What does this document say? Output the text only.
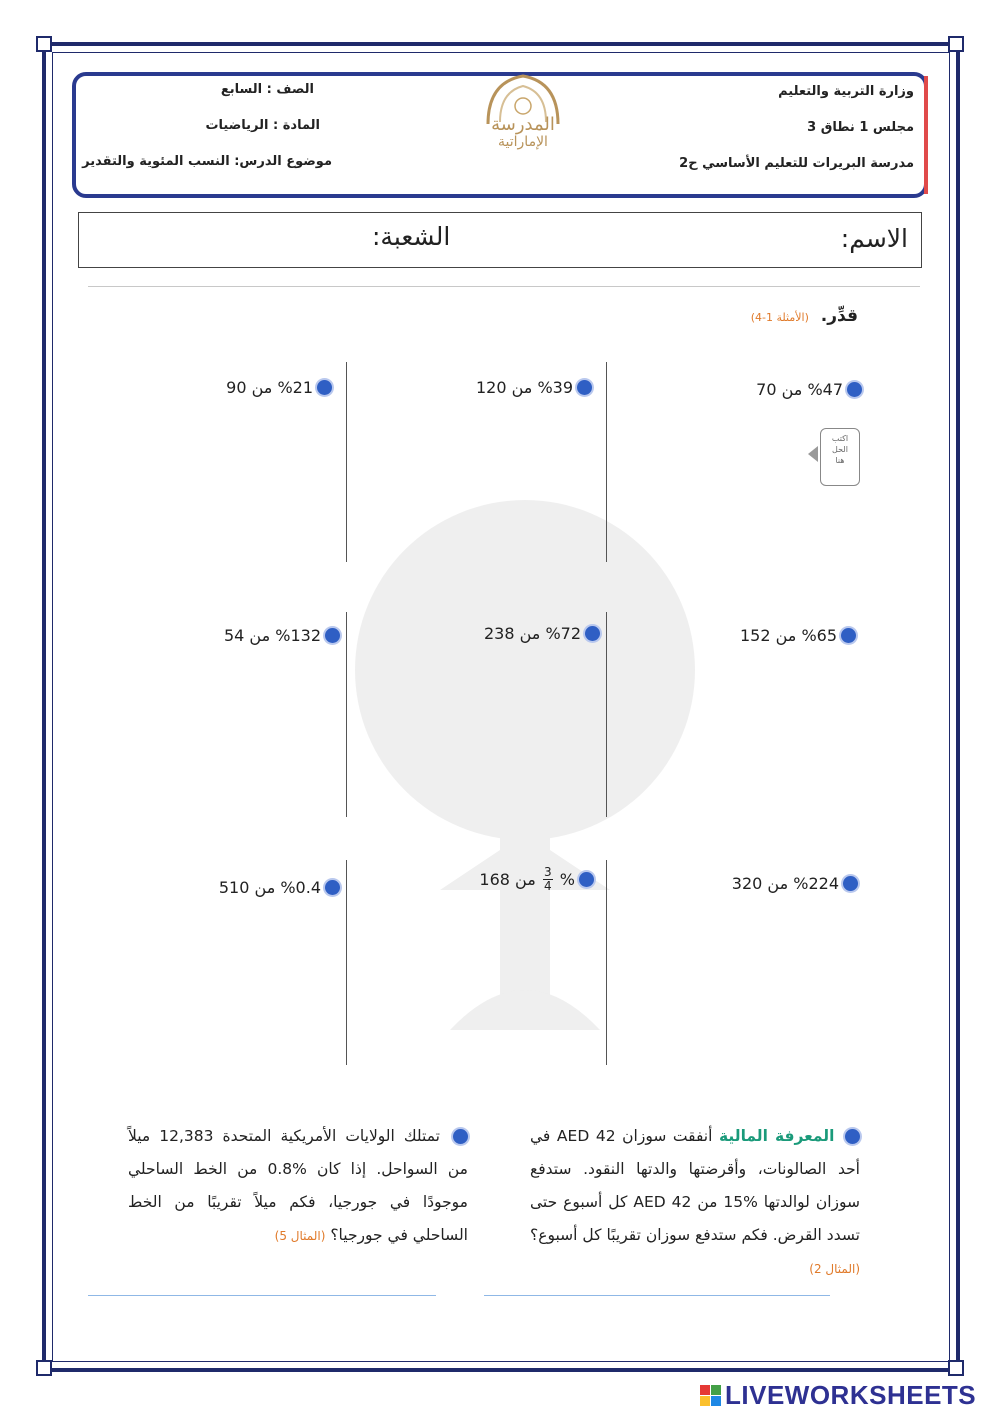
وزارة التربية والتعليم
مجلس 1 نطاق 3
مدرسة البريرات للتعليم الأساسي ح2
الصف : السابع
المادة : الرياضيات
موضوع الدرس: النسب المئوية والتقدير
المدرسة
الإماراتية
الاسم:
الشعبة:
قدِّر. (الأمثلة 1-4)
اكتب
الحل
هنا
%47 من 70
%39 من 120
%21 من 90
%65 من 152
%72 من 238
%132 من 54
%224 من 320
%
$\frac{3}{4}$
من 168
%0.4 من 510
المعرفة المالية أنفقت سوزان AED 42 في أحد الصالونات، وأقرضتها والدتها النقود. ستدفع سوزان لوالدتها %15 من AED 42 كل أسبوع حتى تسدد القرض. فكم ستدفع سوزان تقريبًا كل أسبوع؟ (المثال 2)
تمتلك الولايات الأمريكية المتحدة 12,383 ميلاً من السواحل. إذا كان %0.8 من الخط الساحلي موجودًا في جورجيا، فكم ميلاً تقريبًا من الخط الساحلي في جورجيا؟ (المثال 5)
LIVEWORKSHEETS
